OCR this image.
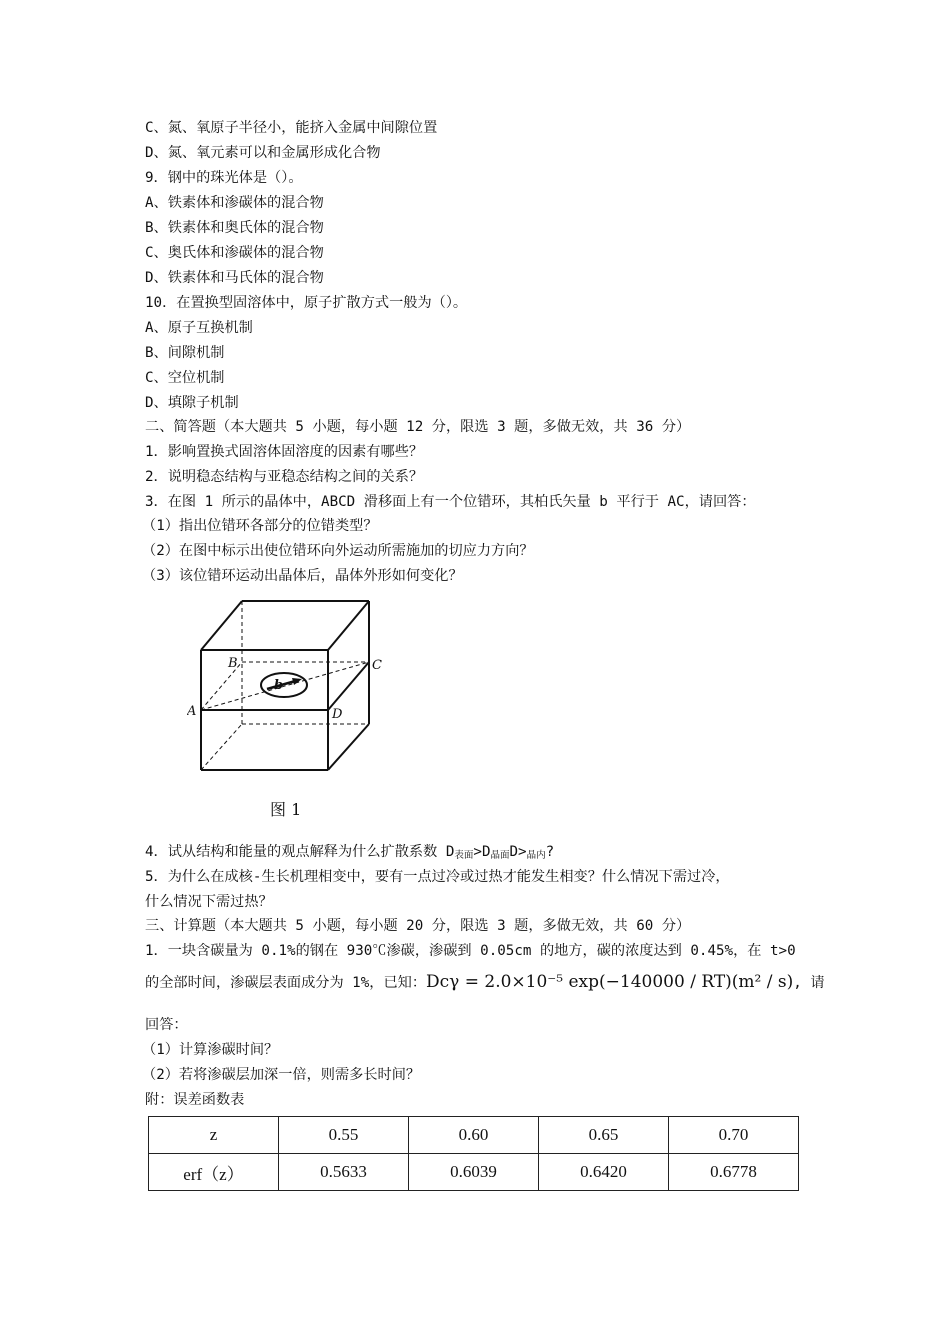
C、氮、氧原子半径小，能挤入金属中间隙位置
D、氮、氧元素可以和金属形成化合物
9．钢中的珠光体是（）。
A、铁素体和渗碳体的混合物
B、铁素体和奥氏体的混合物
C、奥氏体和渗碳体的混合物
D、铁素体和马氏体的混合物
10．在置换型固溶体中，原子扩散方式一般为（）。
A、原子互换机制
B、间隙机制
C、空位机制
D、填隙子机制
二、简答题（本大题共 5 小题，每小题 12 分，限选 3 题，多做无效，共 36 分）
1．影响置换式固溶体固溶度的因素有哪些？
2．说明稳态结构与亚稳态结构之间的关系？
3．在图 1 所示的晶体中，ABCD 滑移面上有一个位错环，其柏氏矢量 b 平行于 AC，请回答：
（1）指出位错环各部分的位错类型？
（2）在图中标示出使位错环向外运动所需施加的切应力方向？
（3）该位错环运动出晶体后，晶体外形如何变化？
A
B	C
D
b
图 1
4．试从结构和能量的观点解释为什么扩散系数 $D_{表面}>D_{晶面}D>_{晶内}$?
5．为什么在成核-生长机理相变中，要有一点过冷或过热才能发生相变？什么情况下需过冷，
什么情况下需过热？
三、计算题（本大题共 5 小题，每小题 20 分，限选 3 题，多做无效，共 60 分）
1．一块含碳量为 0.1%的钢在 930℃渗碳，渗碳到 0.05cm 的地方，碳的浓度达到 0.45%，在 t>0
的全部时间，渗碳层表面成分为 1%，已知：Dcγ = 2.0×10⁻⁵ exp(−140000 / RT)(m² / s), 请
回答：
（1）计算渗碳时间？
（2）若将渗碳层加深一倍，则需多长时间？
附：误差函数表
z	0.55	0.60	0.65	0.70
erf（z）	0.5633	0.6039	0.6420	0.6778
